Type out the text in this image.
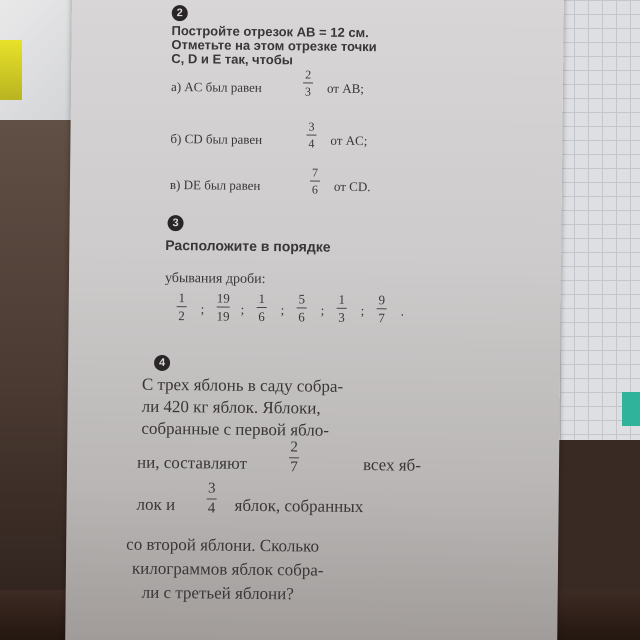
2
Постройте отрезок AB = 12 см.
Отметьте на этом отрезке точки
C, D и E так, чтобы
а) AC был равен
2
3 от AB;
б) CD был равен
3
4 от AC;
в) DE был равен
7
6 от CD.
3
Расположите в порядке
убывания дроби:
1
2 ;
19
19 ;
1
6 ;
5
6 ;
1
3 ;
9
7 .
4
С трех яблонь в саду собра-
ли 420 кг яблок. Яблоки,
собранные с первой ябло-
ни, составляют
2
7	всех яб-
лок и
3
4 яблок, собранных
со второй яблони. Сколько
килограммов яблок собра-
ли с третьей яблони?
